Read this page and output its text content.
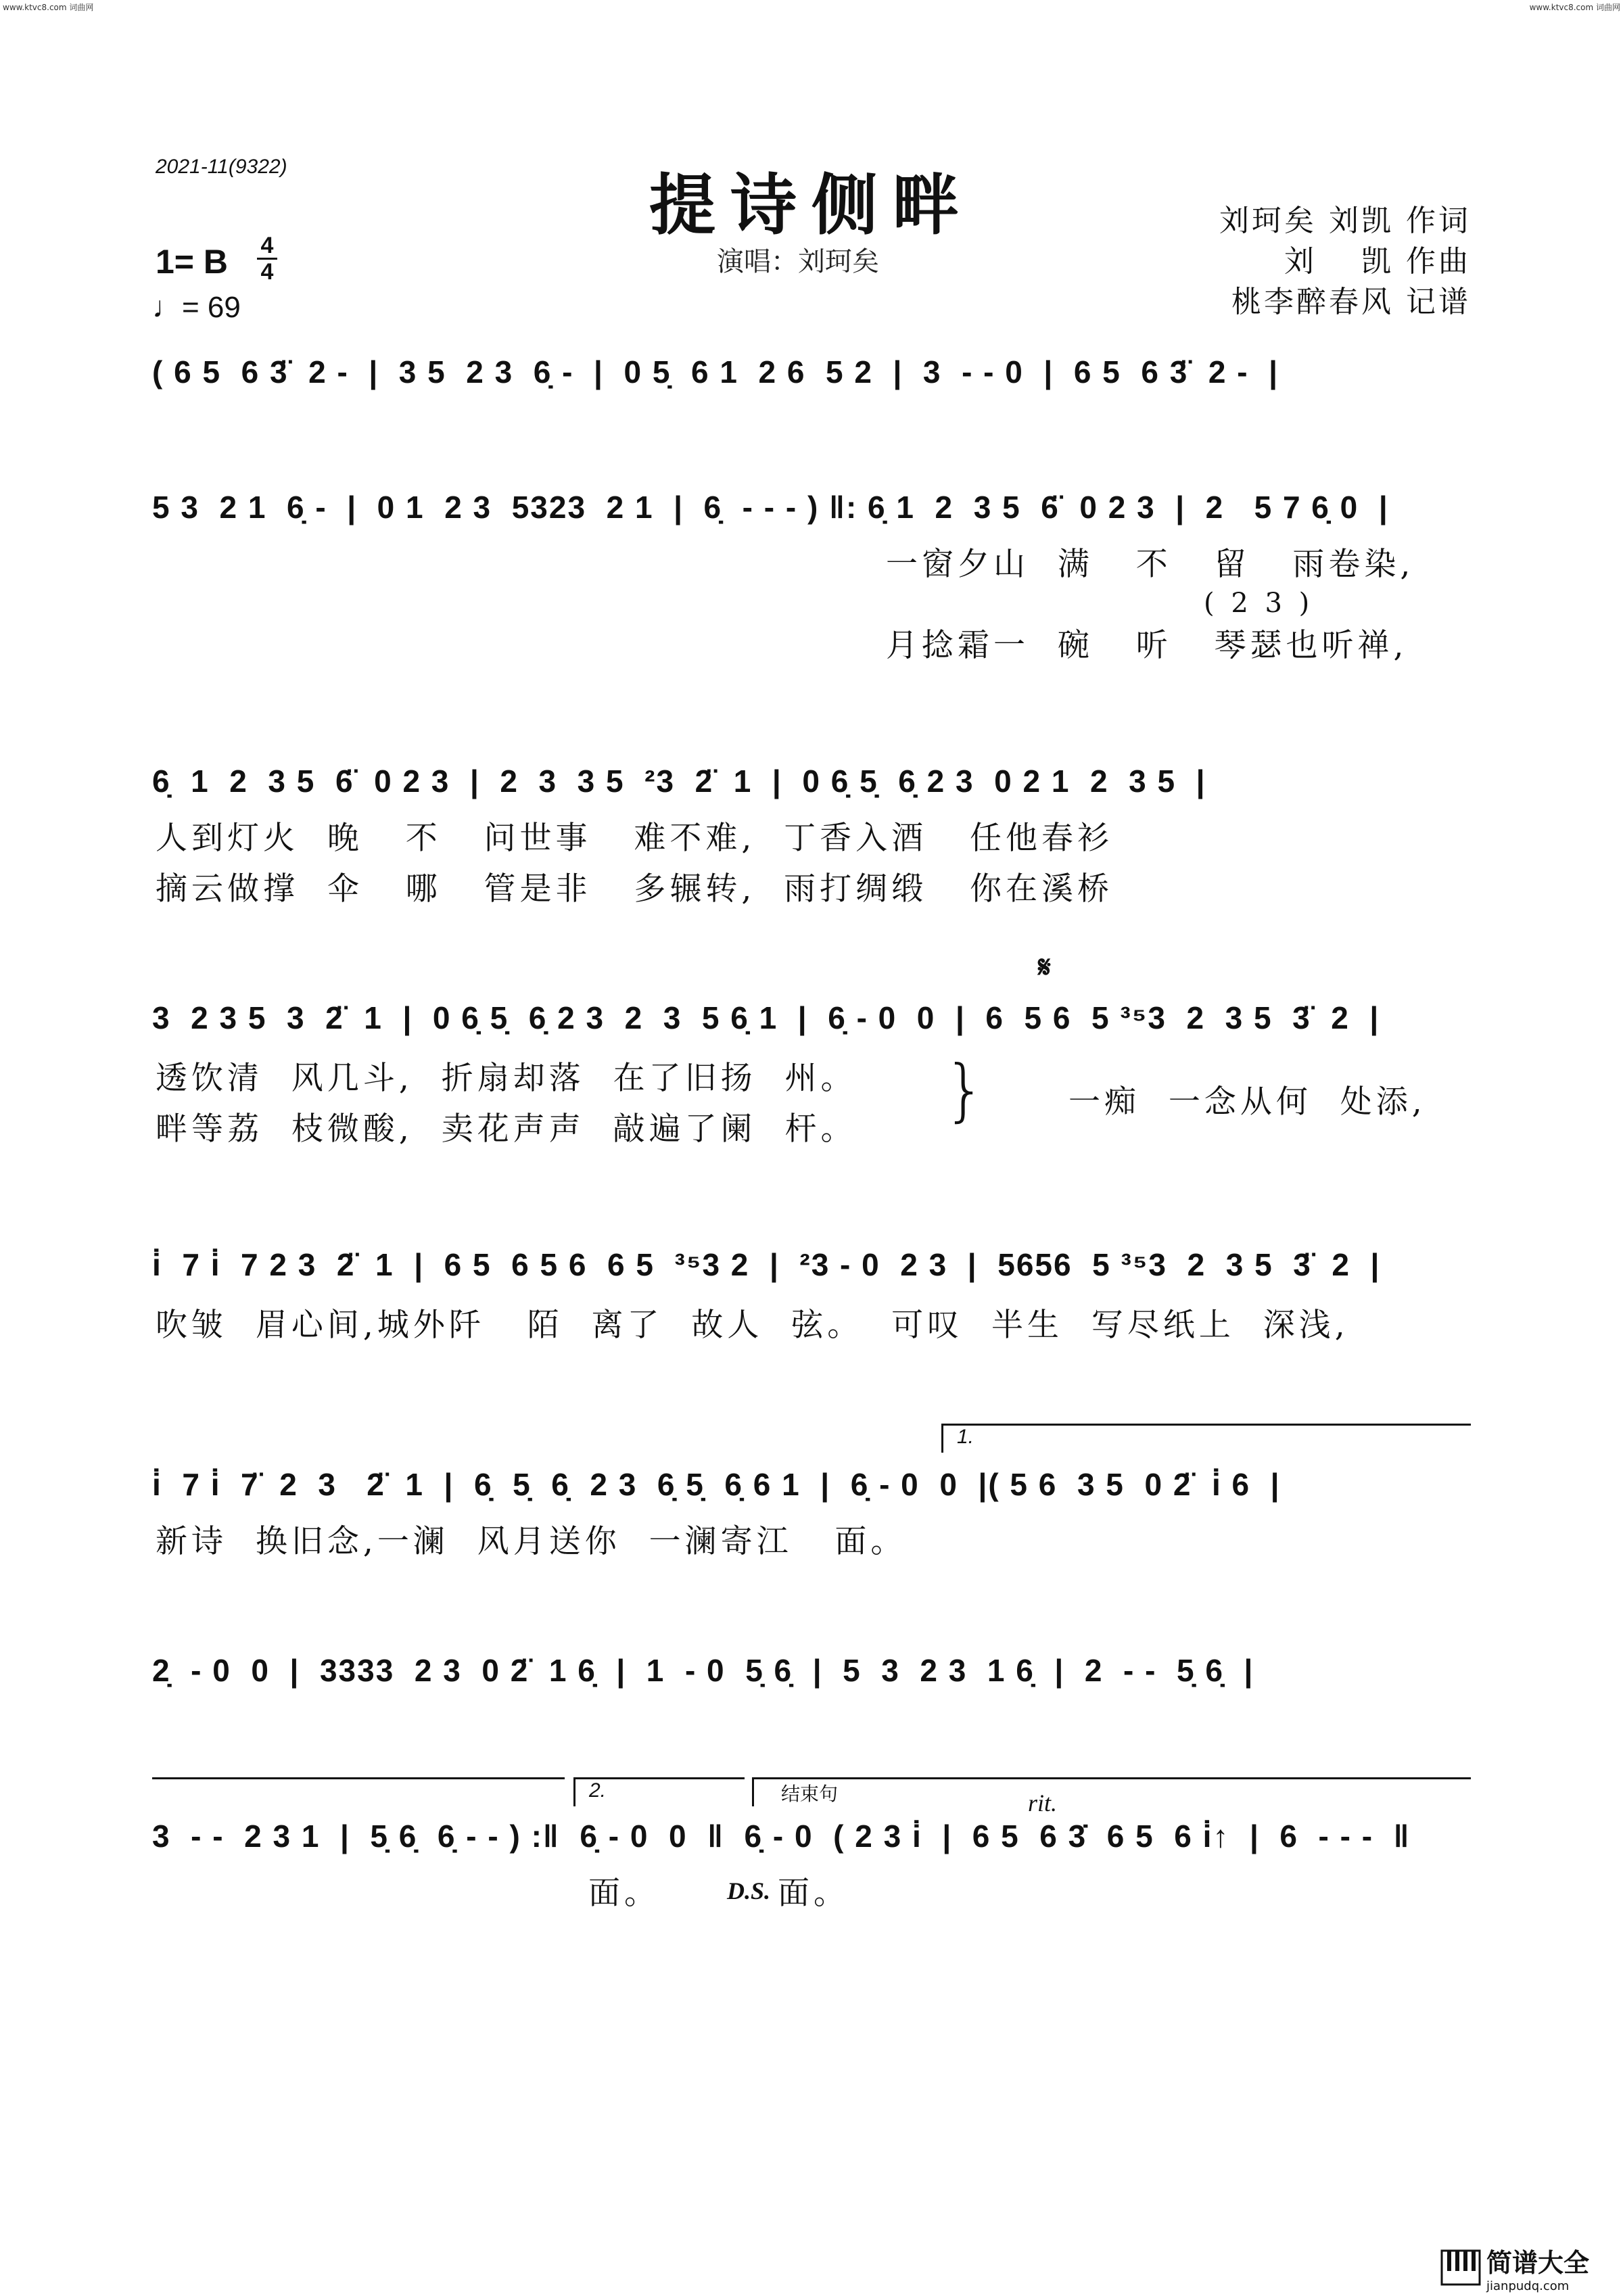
www.ktvc8.com 词曲网	www.ktvc8.com 词曲网
2021-11(9322)	提诗侧畔
演唱：刘珂矣
刘珂矣 刘凯 作词
刘　 凯 作曲
桃李醉春风 记谱
1= B 4
4
♩= 69
( 6 5  6 3̈  2 -  |  3 5  2 3  6̣ -  |  0 5̣  6 1  2 6  5 2  |  3  - - 0  |  6 5  6 3̈  2 -  |
5 3  2 1  6̣ -  |  0 1  2 3  5323  2 1  |  6̣  - - - ) ‖: 6̣ 1  2  3 5  6̈  0 2 3  |  2   5 7 6̣ 0  |
一窗夕山  满   不   留   雨卷染,
( 2 3 )
月捻霜一  碗   听   琴瑟也听禅,
6̣  1  2  3 5  6̈  0 2 3  |  2  3  3 5  ²3  2̈  1  |  0 6̣ 5̣  6̣ 2 3  0 2 1  2  3 5  |
人到灯火  晚   不   问世事   难不难,  丁香入酒   任他春衫
摘云做撑  伞   哪   管是非   多辗转,  雨打绸缎   你在溪桥
𝄋
3  2 3 5  3  2̈  1  |  0 6̣ 5̣  6̣ 2 3  2  3  5 6̣ 1  |  6̣ - 0  0  |  6  5 6  5 ³⁵3  2  3 5  3̈  2  |
透饮清  风几斗,  折扇却落  在了旧扬  州。
畔等荔  枝微酸,  卖花声声  敲遍了阑  杆。 }	一痴  一念从何  处添,
i̇  7 i̇  7 2 3  2̈  1  |  6 5  6 5 6  6 5  ³⁵3 2  |  ²3 - 0  2 3  |  5656  5 ³⁵3  2  3 5  3̈  2  |
吹皱  眉心间,城外阡   陌  离了  故人  弦。  可叹  半生  写尽纸上  深浅,
1.
i̇  7 i̇  7̈  2  3   2̈  1  |  6̣  5̣  6̣  2 3  6̣ 5̣  6̣ 6 1  |  6̣ - 0  0  |( 5 6  3 5  0 2̈  i̇ 6  |
新诗  换旧念,一澜  风月送你  一澜寄江   面。
2̣  - 0  0  |  3333  2 3  0 2̈  1 6̣  |  1  - 0  5̣ 6̣  |  5  3  2 3  1 6̣  |  2  - -  5̣ 6̣  |
2.	结束句	rit.
3  - -  2 3 1  |  5̣ 6̣  6̣ - - ) :‖  6̣ - 0  0  ‖  6̣ - 0  ( 2 3 i̇  |  6 5  6 3̇  6 5  6 i̇↑  |  6  - - -  ‖
面。	D.S. 面。
简谱大全
jianpudq.com
